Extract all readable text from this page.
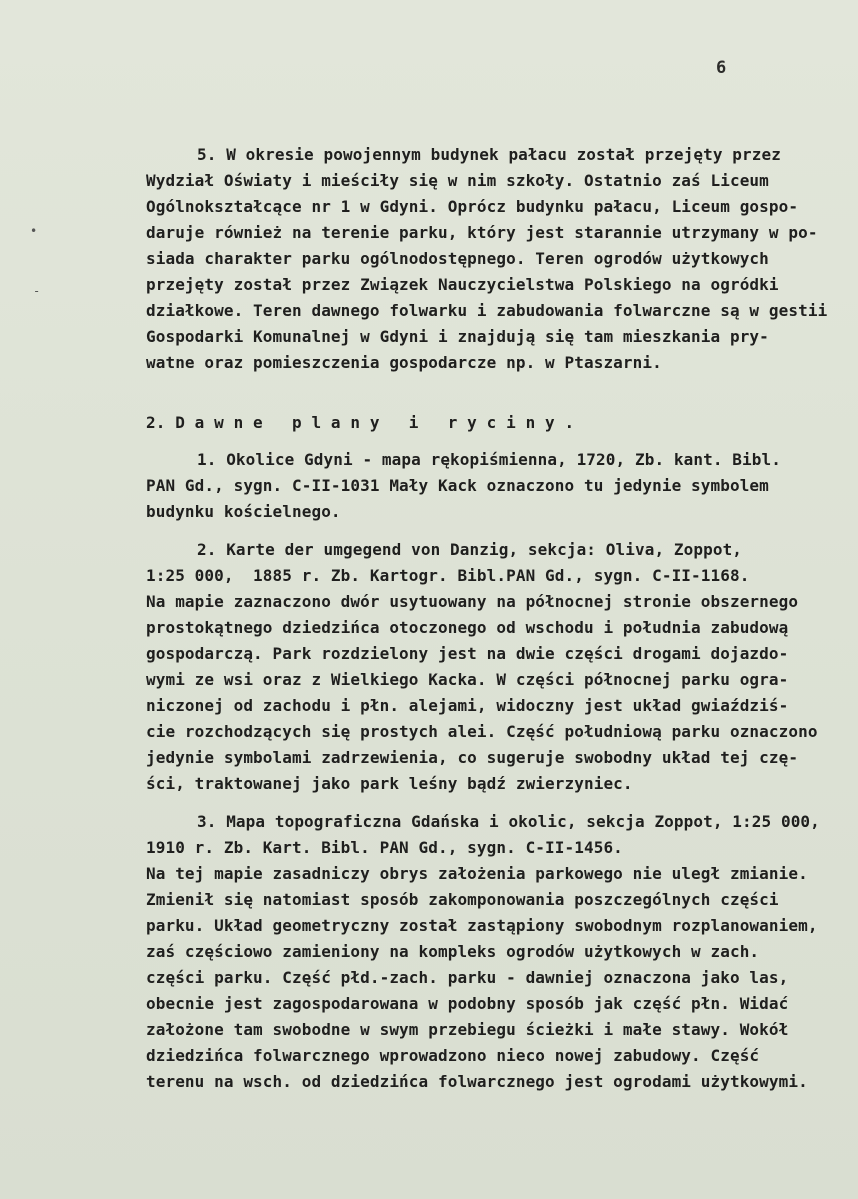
6
•
-
5. W okresie powojennym budynek pałacu został przejęty przez
Wydział Oświaty i mieściły się w nim szkoły. Ostatnio zaś Liceum
Ogólnokształcące nr 1 w Gdyni. Oprócz budynku pałacu, Liceum gospo-
daruje również na terenie parku, który jest starannie utrzymany w po-
siada charakter parku ogólnodostępnego. Teren ogrodów użytkowych
przejęty został przez Związek Nauczycielstwa Polskiego na ogródki
działkowe. Teren dawnego folwarku i zabudowania folwarczne są w gestii
Gospodarki Komunalnej w Gdyni i znajdują się tam mieszkania pry-
watne oraz pomieszczenia gospodarcze np. w Ptaszarni.
2. D a w n e   p l a n y   i   r y c i n y .
1. Okolice Gdyni - mapa rękopiśmienna, 1720, Zb. kant. Bibl.
PAN Gd., sygn. C-II-1031 Mały Kack oznaczono tu jedynie symbolem
budynku kościelnego.
2. Karte der umgegend von Danzig, sekcja: Oliva, Zoppot,
1:25 000,  1885 r. Zb. Kartogr. Bibl.PAN Gd., sygn. C-II-1168.
Na mapie zaznaczono dwór usytuowany na północnej stronie obszernego
prostokątnego dziedzińca otoczonego od wschodu i południa zabudową
gospodarczą. Park rozdzielony jest na dwie części drogami dojazdo-
wymi ze wsi oraz z Wielkiego Kacka. W części północnej parku ogra-
niczonej od zachodu i płn. alejami, widoczny jest układ gwiaździś-
cie rozchodzących się prostych alei. Część południową parku oznaczono
jedynie symbolami zadrzewienia, co sugeruje swobodny układ tej czę-
ści, traktowanej jako park leśny bądź zwierzyniec.
3. Mapa topograficzna Gdańska i okolic, sekcja Zoppot, 1:25 000,
1910 r. Zb. Kart. Bibl. PAN Gd., sygn. C-II-1456.
Na tej mapie zasadniczy obrys założenia parkowego nie uległ zmianie.
Zmienił się natomiast sposób zakomponowania poszczególnych części
parku. Układ geometryczny został zastąpiony swobodnym rozplanowaniem,
zaś częściowo zamieniony na kompleks ogrodów użytkowych w zach.
części parku. Część płd.-zach. parku - dawniej oznaczona jako las,
obecnie jest zagospodarowana w podobny sposób jak część płn. Widać
założone tam swobodne w swym przebiegu ścieżki i małe stawy. Wokół
dziedzińca folwarcznego wprowadzono nieco nowej zabudowy. Część
terenu na wsch. od dziedzińca folwarcznego jest ogrodami użytkowymi.
